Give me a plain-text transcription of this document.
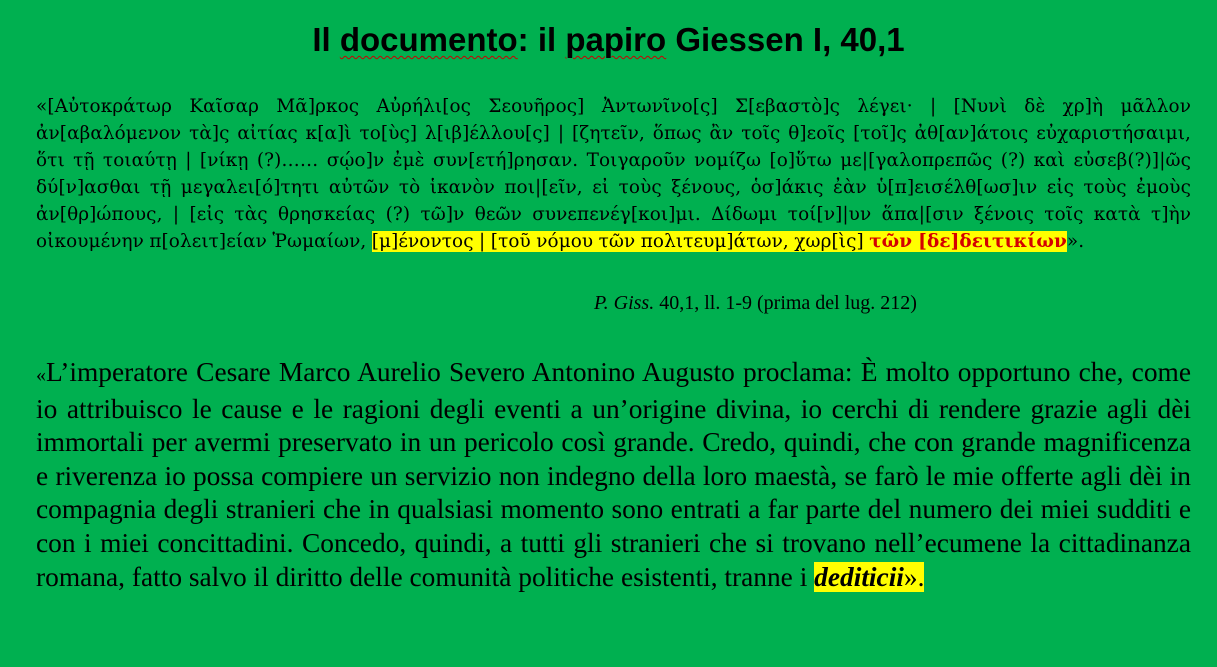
Il documento: il papiro Giessen I, 40,1
«[Αὐτοκράτωρ Καῖσαρ Μᾶ]ρκος Αὐρήλι[ος Σεουῆρος] Ἀντωνῖνο[ς] Σ[εβαστὸ]ς λέγει· | [Νυνὶ δὲ χρ]ὴ μᾶλλον ἀν[αβαλόμενον τὰ]ς αἰτίας κ[α]ὶ το[ὺς] λ[ιβ]έλλου[ς] | [ζητεῖν, ὅπως ἂν τοῖς θ]εοῖς [τοῖ]ς ἀθ[αν]άτοις εὐχαριστήσαιμι, ὅτι τῇ τοιαύτῃ | [νίκῃ (?)…… σῴο]ν ἐμὲ συν[ετή]ρησαν. Τοιγαροῦν νομίζω [ο]ὕτω με|[γαλοπρεπῶς (?) καὶ εὐσεβ(?)]|ῶς δύ[ν]ασθαι τῇ μεγαλει[ό]τητι αὐτῶν τὸ ἱκανὸν ποι|[εῖν, εἰ τοὺς ξένους, ὁσ]άκις ἐὰν ὑ[π]εισέλθ[ωσ]ιν εἰς τοὺς ἐμοὺς ἀν[θρ]ώπους, | [εἰς τὰς θρησκείας (?) τῶ]ν θεῶν συνεπενέγ[κοι]μι. Δίδωμι τοί[ν]|υν ἅπα|[σιν ξένοις τοῖς κατὰ τ]ὴν οἰκουμένην π[ολειτ]είαν Ῥωμαίων, [μ]ένοντος | [τοῦ νόμου τῶν πολιτευμ]άτων, χωρ[ὶς] τῶν [δε]δειτικίων».
P. Giss. 40,1, ll. 1-9 (prima del lug. 212)
«L’imperatore Cesare Marco Aurelio Severo Antonino Augusto proclama: È molto opportuno che, come io attribuisco le cause e le ragioni degli eventi a un’origine divina, io cerchi di rendere grazie agli dèi immortali per avermi preservato in un pericolo così grande. Credo, quindi, che con grande magnificenza e riverenza io possa compiere un servizio non indegno della loro maestà, se farò le mie offerte agli dèi in compagnia degli stranieri che in qualsiasi momento sono entrati a far parte del numero dei miei sudditi e con i miei concittadini. Concedo, quindi, a tutti gli stranieri che si trovano nell’ecumene la cittadinanza romana, fatto salvo il diritto delle comunità politiche esistenti, tranne i dediticii».
